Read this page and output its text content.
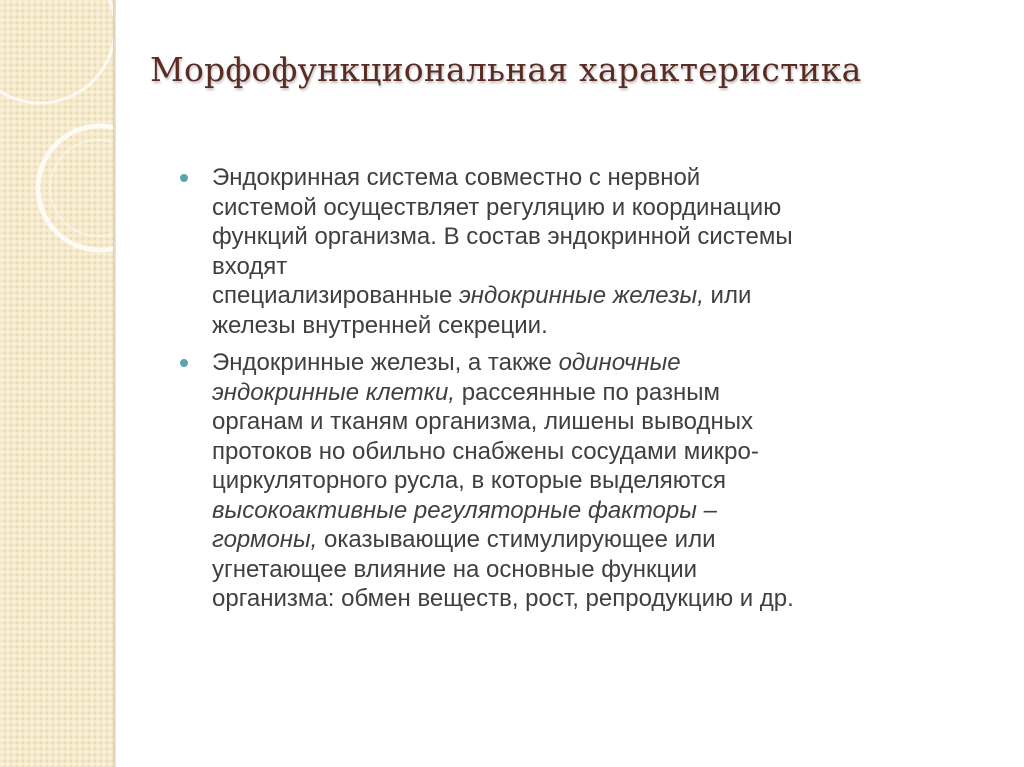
Морфофункциональная характеристика
Эндокринная система совместно с нервной
системой осуществляет регуляцию и координацию
функций организма. В состав эндокринной системы
входят
специализированные эндокринные железы, или
железы внутренней секреции.
Эндокринные железы, а также одиночные
эндокринные клетки, рассеянные по разным
органам и тканям организма, лишены выводных
протоков но обильно снабжены сосудами микро-
циркуляторного русла, в которые выделяются
высокоактивные регуляторные факторы –
гормоны, оказывающие стимулирующее или
угнетающее влияние на основные функции
организма: обмен веществ, рост, репродукцию и др.
